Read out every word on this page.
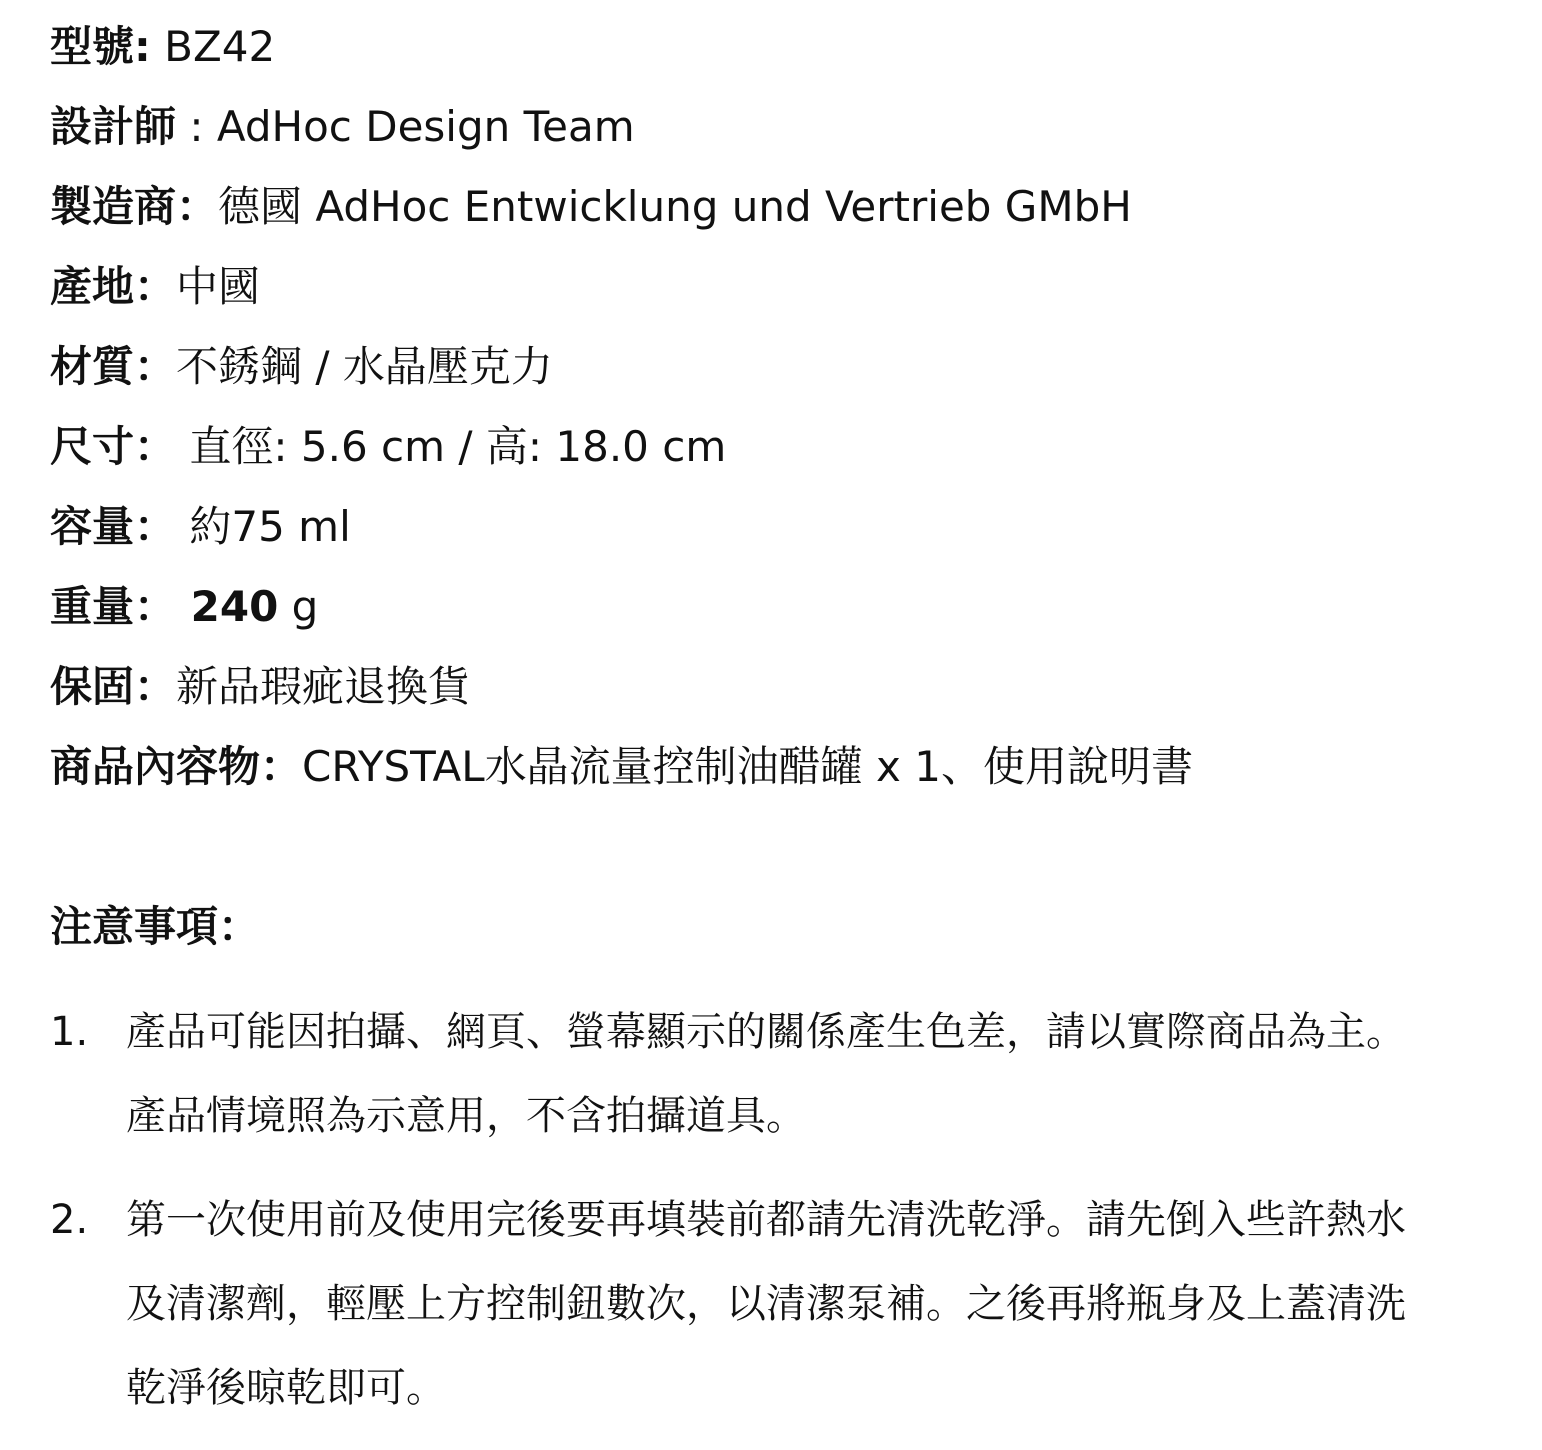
型號: BZ42
設計師 : AdHoc Design Team
製造商：德國 AdHoc Entwicklung und Vertrieb GMbH
產地：中國
材質：不銹鋼 / 水晶壓克力
尺寸： 直徑: 5.6 cm / 高: 18.0 cm
容量： 約75 ml
重量： 240 g
保固：新品瑕疵退換貨
商品內容物：CRYSTAL水晶流量控制油醋罐 x 1、使用說明書
注意事項：
1. 產品可能因拍攝、網頁、螢幕顯示的關係產生色差，請以實際商品為主。產品情境照為示意用，不含拍攝道具。
2. 第一次使用前及使用完後要再填裝前都請先清洗乾淨。請先倒入些許熱水及清潔劑，輕壓上方控制鈕數次，以清潔泵補。之後再將瓶身及上蓋清洗乾淨後晾乾即可。
